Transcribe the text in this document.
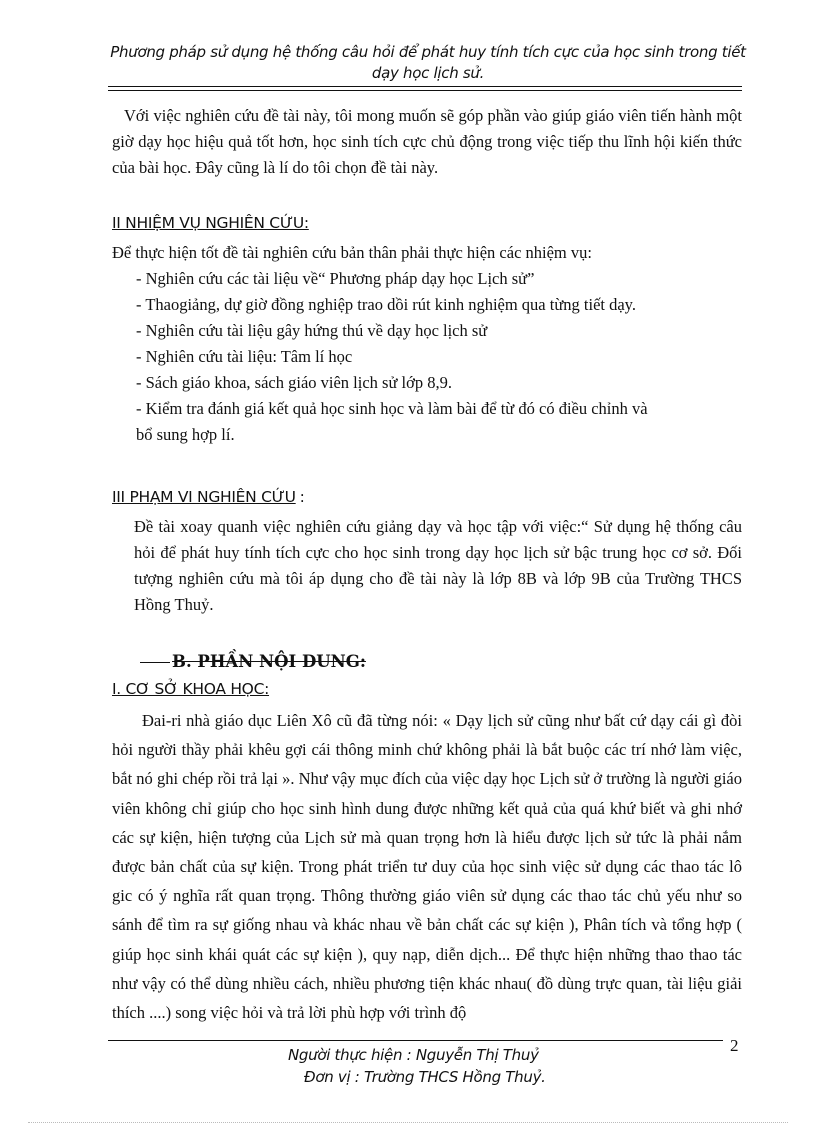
Phương pháp sử dụng hệ thống câu hỏi để phát huy tính tích cực của học sinh trong tiết dạy học lịch sử.
Với việc nghiên cứu đề tài này, tôi mong muốn sẽ góp phần vào giúp giáo viên tiến hành một giờ dạy học hiệu quả tốt hơn, học sinh tích cực chủ động trong việc tiếp thu lĩnh hội kiến thức của bài học. Đây cũng là lí do tôi chọn đề tài này.
II NHIỆM VỤ NGHIÊN CỨU:
Để thực hiện tốt đề tài nghiên cứu bản thân phải thực hiện các nhiệm vụ:
- Nghiên cứu các tài liệu về“ Phương pháp dạy học Lịch sử”
- Thaogiảng, dự giờ đồng nghiệp trao dồi rút kinh nghiệm qua từng tiết dạy.
- Nghiên cứu tài liệu gây hứng thú về dạy học lịch sử
- Nghiên cứu tài liệu: Tâm lí học
- Sách giáo khoa, sách giáo viên lịch sử lớp 8,9.
- Kiểm tra đánh giá kết quả học sinh học và làm bài để từ đó có điều chỉnh và
bổ sung hợp lí.
III PHẠM VI NGHIÊN CỨU :
Đề tài xoay quanh việc nghiên cứu giảng dạy và học tập với việc:“ Sử dụng hệ thống câu hỏi để phát huy tính tích cực cho học sinh trong dạy học lịch sử bậc trung học cơ sở. Đối tượng nghiên cứu mà tôi áp dụng cho đề tài này là lớp 8B và lớp 9B của Trường THCS Hồng Thuỷ.
B. PHẦN NỘI DUNG:
I. CƠ SỞ KHOA HỌC:
Đai-ri nhà giáo dục Liên Xô cũ đã từng nói: « Dạy lịch sử cũng như bất cứ dạy cái gì đòi hỏi người thầy phải khêu gợi cái thông minh chứ không phải là bắt buộc các trí nhớ làm việc, bắt nó ghi chép rồi trả lại ». Như vậy mục đích của việc dạy học Lịch sử ở trường là người giáo viên không chỉ giúp cho học sinh hình dung được những kết quả của quá khứ biết và ghi nhớ các sự kiện, hiện tượng của Lịch sử mà quan trọng hơn là hiểu được lịch sử tức là phải nắm được bản chất của sự kiện. Trong phát triển tư duy của học sinh việc sử dụng các thao tác lô gic có ý nghĩa rất quan trọng. Thông thường giáo viên sử dụng các thao tác chủ yếu như so sánh để tìm ra sự giống nhau và khác nhau về bản chất các sự kiện ), Phân tích và tổng hợp ( giúp học sinh khái quát các sự kiện ), quy nạp, diễn dịch... Để thực hiện những thao thao tác như vậy có thể dùng nhiều cách, nhiều phương tiện khác nhau( đồ dùng trực quan, tài liệu giải thích ....) song việc hỏi và trả lời phù hợp với trình độ
2
Người thực hiện : Nguyễn Thị Thuỷ
Đơn vị : Trường THCS Hồng Thuỷ.
